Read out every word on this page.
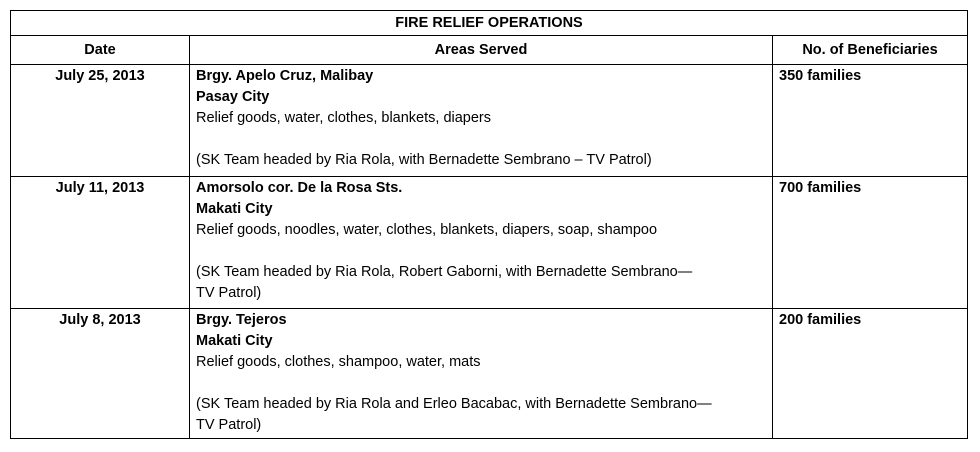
FIRE RELIEF OPERATIONS		
Date	Areas Served	No. of Beneficiaries
July 25, 2013	Brgy. Apelo Cruz, Malibay
Pasay City
Relief goods, water, clothes, blankets, diapers
(SK Team headed by Ria Rola, with Bernadette Sembrano – TV Patrol)	350 families
July 11, 2013	Amorsolo cor. De la Rosa Sts.
Makati City
Relief goods, noodles, water, clothes, blankets, diapers, soap, shampoo
(SK Team headed by Ria Rola, Robert Gaborni, with Bernadette Sembrano—
TV Patrol)	700 families
July 8, 2013	Brgy. Tejeros
Makati City
Relief goods, clothes, shampoo, water, mats
(SK Team headed by Ria Rola and Erleo Bacabac, with Bernadette Sembrano—
TV Patrol)	200 families
